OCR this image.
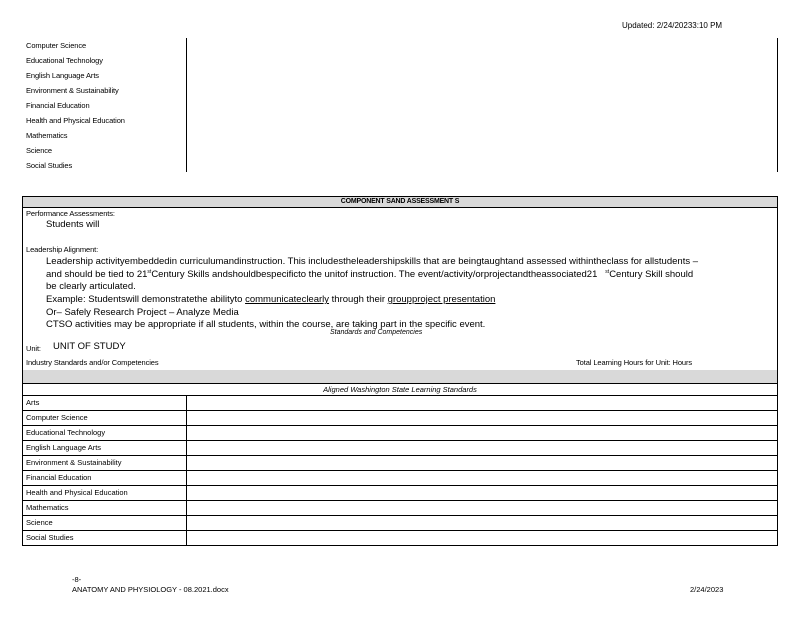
Updated: 2/24/20233:10 PM
Computer Science
Educational Technology
English Language Arts
Environment & Sustainability
Financial Education
Health and Physical Education
Mathematics
Science
Social Studies
COMPONENT SAND ASSESSMENT S
Performance Assessments:
Students will
Leadership Alignment:
Leadership activityembeddedin curriculumandinstruction. This includestheleadershipskills that are beingtaughtand assessed withintheclass for allstudents –
and should be tied to 21stCentury Skills andshouldbespecificto the unitof instruction. The event/activity/orprojectandtheassociated21 $^{st}$Century Skill should
be clearly articulated.
Example: Studentswill demonstratethe abilityto communicateclearly through their groupproject presentation
Or– Safely Research Project – Analyze Media
CTSO activities may be appropriate if all students, within the course, are taking part in the specific event.
Standards and Competencies
Unit: UNIT OF STUDY
Industry Standards and/or Competencies	Total Learning Hours for Unit: Hours
Aligned Washington State Learning Standards
Arts
Computer Science
Educational Technology
English Language Arts
Environment & Sustainability
Financial Education
Health and Physical Education
Mathematics
Science
Social Studies
-8-
ANATOMY AND PHYSIOLOGY - 08.2021.docx	2/24/2023
